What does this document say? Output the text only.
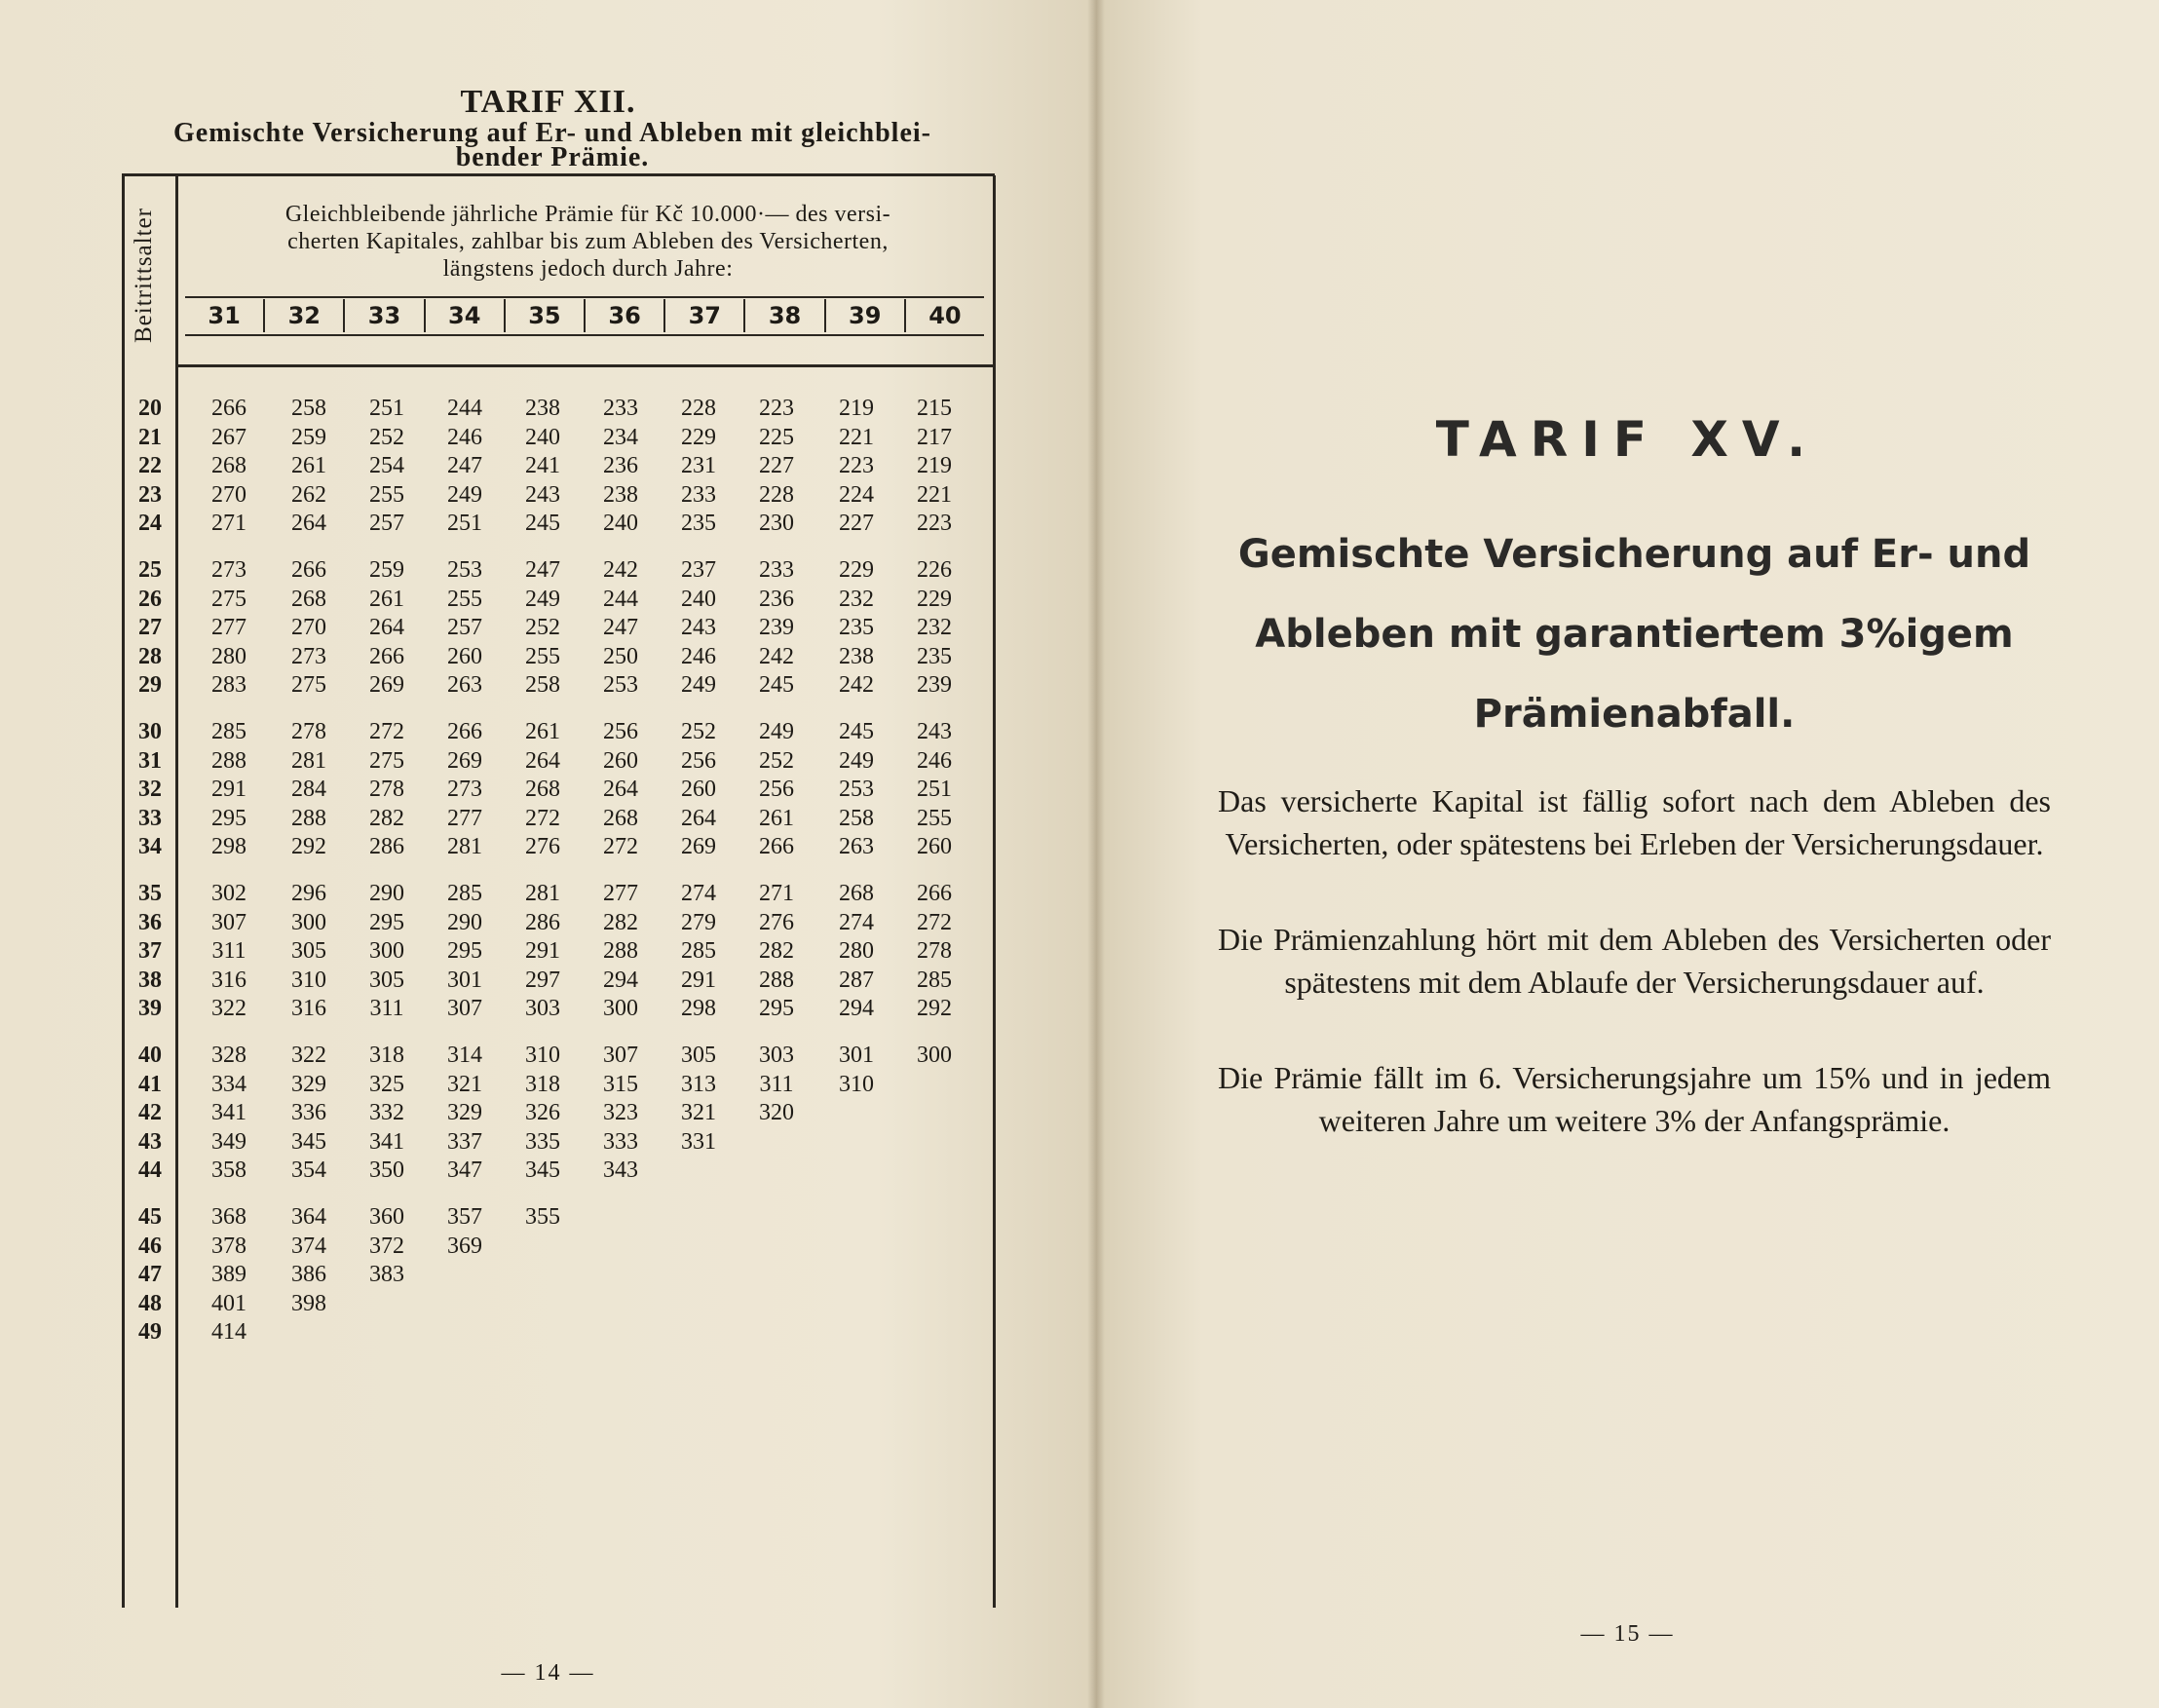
TARIF XII.
Gemischte Versicherung auf Er- und Ableben mit gleichblei-
bender Prämie.
Beitrittsalter	Gleichbleibende jährliche Prämie für Kč 10.000·— des versi-
cherten Kapitales, zahlbar bis zum Ableben des Versicherten,
längstens jedoch durch Jahre:
31	32	33	34	35	36	37	38	39	40
20	266	258	251	244	238	233	228	223	219	215
21	267	259	252	246	240	234	229	225	221	217
22	268	261	254	247	241	236	231	227	223	219
23	270	262	255	249	243	238	233	228	224	221
24	271	264	257	251	245	240	235	230	227	223
25	273	266	259	253	247	242	237	233	229	226
26	275	268	261	255	249	244	240	236	232	229
27	277	270	264	257	252	247	243	239	235	232
28	280	273	266	260	255	250	246	242	238	235
29	283	275	269	263	258	253	249	245	242	239
30	285	278	272	266	261	256	252	249	245	243
31	288	281	275	269	264	260	256	252	249	246
32	291	284	278	273	268	264	260	256	253	251
33	295	288	282	277	272	268	264	261	258	255
34	298	292	286	281	276	272	269	266	263	260
35	302	296	290	285	281	277	274	271	268	266
36	307	300	295	290	286	282	279	276	274	272
37	311	305	300	295	291	288	285	282	280	278
38	316	310	305	301	297	294	291	288	287	285
39	322	316	311	307	303	300	298	295	294	292
40	328	322	318	314	310	307	305	303	301	300
41	334	329	325	321	318	315	313	311	310
42	341	336	332	329	326	323	321	320
43	349	345	341	337	335	333	331
44	358	354	350	347	345	343
45	368	364	360	357	355
46	378	374	372	369
47	389	386	383
48	401	398
49	414
— 14 —
TARIF XV.
Gemischte Versicherung auf Er- und
Ableben mit garantiertem 3%igem
Prämienabfall.
Das versicherte Kapital ist fällig sofort nach dem Ableben des Versicherten, oder spätestens bei Erleben der Versicherungsdauer.
Die Prämienzahlung hört mit dem Ableben des Versicherten oder spätestens mit dem Ablaufe der Versicherungsdauer auf.
Die Prämie fällt im 6. Versicherungsjahre um 15% und in jedem weiteren Jahre um weitere 3% der Anfangsprämie.
— 15 —
